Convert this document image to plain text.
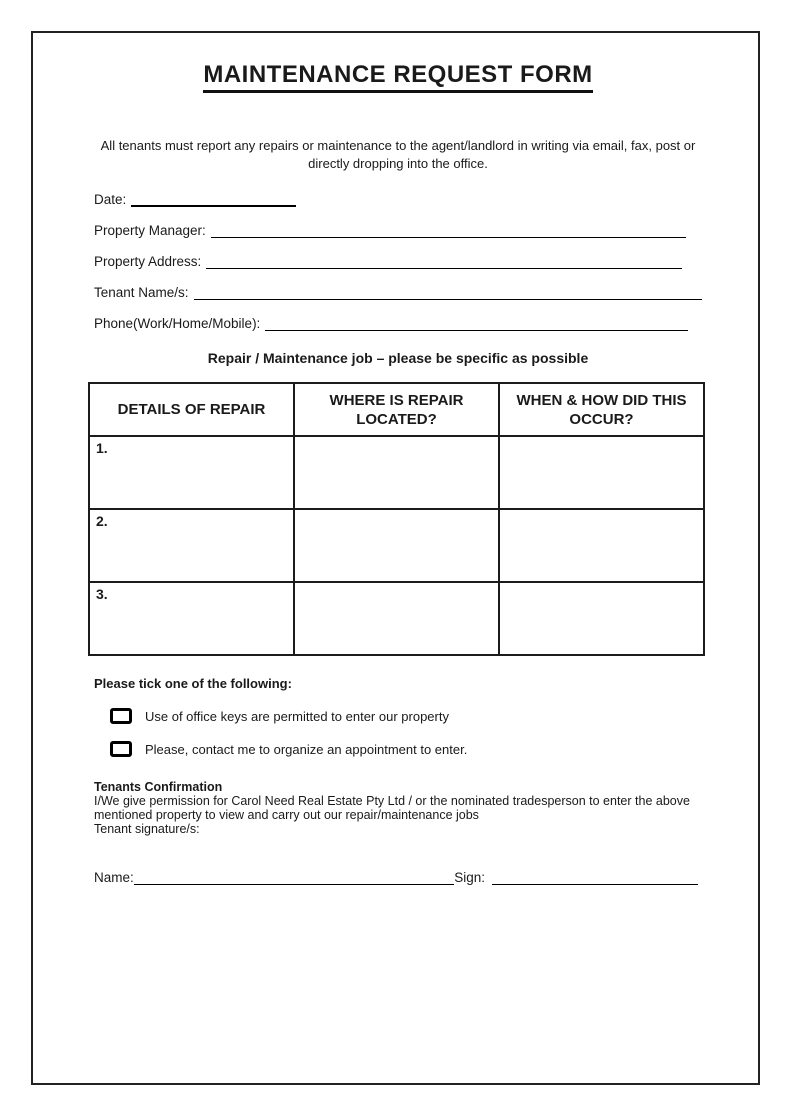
MAINTENANCE REQUEST FORM

All tenants must report any repairs or maintenance to the agent/landlord in writing via email, fax, post or directly dropping into the office.

Date:
Property Manager:
Property Address:
Tenant Name/s:
Phone(Work/Home/Mobile):
Repair / Maintenance job – please be specific as possible
DETAILS OF REPAIR	WHERE IS REPAIR LOCATED?	WHEN & HOW DID THIS OCCUR?
1.		
2.		
3.		
Please tick one of the following:
Use of office keys are permitted to enter our property
Please, contact me to organize an appointment to enter.
Tenants Confirmation
I/We give permission for Carol Need Real Estate Pty Ltd / or the nominated tradesperson to enter the above mentioned property to view and carry out our repair/maintenance jobs
Tenant signature/s:
Name:	Sign:
